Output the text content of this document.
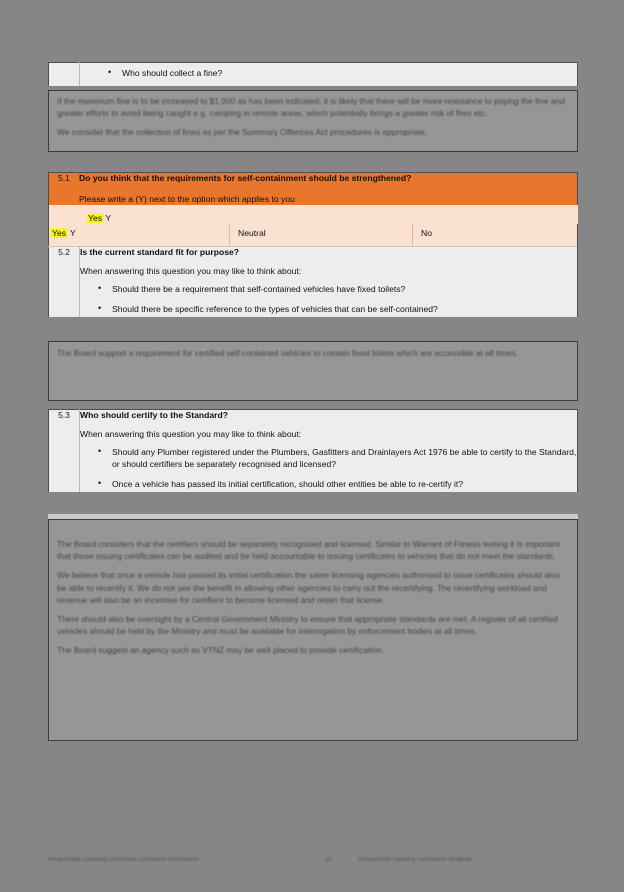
• Who should collect a fine?

If the maximum fine is to be increased to $1,000 as has been indicated, it is likely that there will be more resistance to paying the fine and greater efforts to avoid being caught e.g. camping in remote areas, which potentially brings a greater risk of fires etc.

We consider that the collection of fines as per the Summary Offences Act procedures is appropriate.

5.1	Do you think that the requirements for self-containment should be strengthened?

Please write a (Y) next to the option which applies to you

	Yes Y
Yes Y	Neutral	No
5.2	Is the current standard fit for purpose?

When answering this question you may like to think about:

• Should there be a requirement that self-contained vehicles have fixed toilets?
• Should there be specific reference to the types of vehicles that can be self-contained?

The Board support a requirement for certified self-contained vehicles to contain fixed toilets which are accessible at all times.

5.3	Who should certify to the Standard?

When answering this question you may like to think about:

• Should any Plumber registered under the Plumbers, Gasfitters and Drainlayers Act 1976 be able to certify to the Standard, or should certifiers be separately recognised and licensed?
• Once a vehicle has passed its initial certification, should other entities be able to re-certify it?

The Board considers that the certifiers should be separately recognised and licensed. Similar to Warrant of Fitness testing it is important that those issuing certificates can be audited and be held accountable to issuing certificates to vehicles that do not meet the standards.

We believe that once a vehicle has passed its initial certification the same licensing agencies authorised to issue certificates should also be able to recertify it. We do not see the benefit in allowing other agencies to carry out the recertifying. The recertifying workload and revenue will also be an incentive for certifiers to become licensed and retain that license.

There should also be oversight by a Central Government Ministry to ensure that appropriate standards are met. A register of all certified vehicles should be held by the Ministry and must be available for interrogation by enforcement bodies at all times.

The Board suggest an agency such as VTNZ may be well placed to provide certification.

Responsible Camping Discussion Document Submission	10	Responsible camping submission template
